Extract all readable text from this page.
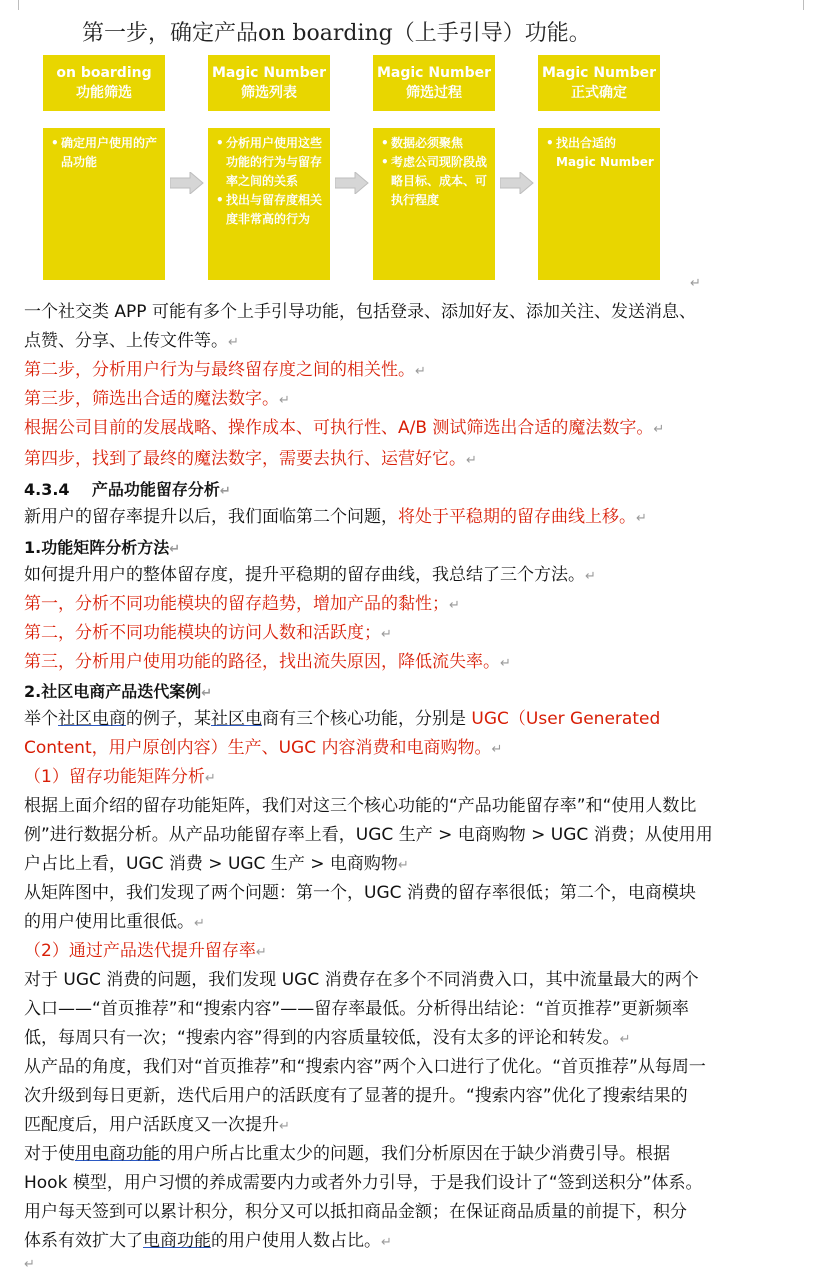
第一步，确定产品on boarding（上手引导）功能。
on boarding
功能筛选
Magic Number
筛选列表
Magic Number
筛选过程
Magic Number
正式确定
• 确定用户使用的产品功能
• 分析用户使用这些功能的行为与留存率之间的关系
• 找出与留存度相关度非常高的行为
• 数据必须聚焦
• 考虑公司现阶段战略目标、成本、可执行程度
• 找出合适的Magic Number
↵
一个社交类 APP 可能有多个上手引导功能，包括登录、添加好友、添加关注、发送消息、
点赞、分享、上传文件等。↵
第二步，分析用户行为与最终留存度之间的相关性。↵
第三步，筛选出合适的魔法数字。↵
根据公司目前的发展战略、操作成本、可执行性、A/B 测试筛选出合适的魔法数字。↵
第四步，找到了最终的魔法数字，需要去执行、运营好它。↵
4.3.4    产品功能留存分析↵
新用户的留存率提升以后，我们面临第二个问题，将处于平稳期的留存曲线上移。↵
1.功能矩阵分析方法↵
如何提升用户的整体留存度，提升平稳期的留存曲线，我总结了三个方法。↵
第一，分析不同功能模块的留存趋势，增加产品的黏性；↵
第二，分析不同功能模块的访问人数和活跃度；↵
第三，分析用户使用功能的路径，找出流失原因，降低流失率。↵
2.社区电商产品迭代案例↵
举个社区电商的例子，某社区电商有三个核心功能，分别是 UGC（User Generated
Content，用户原创内容）生产、UGC 内容消费和电商购物。↵
（1）留存功能矩阵分析↵
根据上面介绍的留存功能矩阵，我们对这三个核心功能的“产品功能留存率”和“使用人数比
例”进行数据分析。从产品功能留存率上看，UGC 生产 > 电商购物 > UGC 消费；从使用用
户占比上看，UGC 消费 > UGC 生产 > 电商购物↵
从矩阵图中，我们发现了两个问题：第一个，UGC 消费的留存率很低；第二个，电商模块
的用户使用比重很低。↵
（2）通过产品迭代提升留存率↵
对于 UGC 消费的问题，我们发现 UGC 消费存在多个不同消费入口，其中流量最大的两个
入口——“首页推荐”和“搜索内容”——留存率最低。分析得出结论：“首页推荐”更新频率
低，每周只有一次；“搜索内容”得到的内容质量较低，没有太多的评论和转发。↵
从产品的角度，我们对“首页推荐”和“搜索内容”两个入口进行了优化。“首页推荐”从每周一
次升级到每日更新，迭代后用户的活跃度有了显著的提升。“搜索内容”优化了搜索结果的
匹配度后，用户活跃度又一次提升↵
对于使用电商功能的用户所占比重太少的问题，我们分析原因在于缺少消费引导。根据
Hook 模型，用户习惯的养成需要内力或者外力引导，于是我们设计了“签到送积分”体系。
用户每天签到可以累计积分，积分又可以抵扣商品金额；在保证商品质量的前提下，积分
体系有效扩大了电商功能的用户使用人数占比。↵
↵
